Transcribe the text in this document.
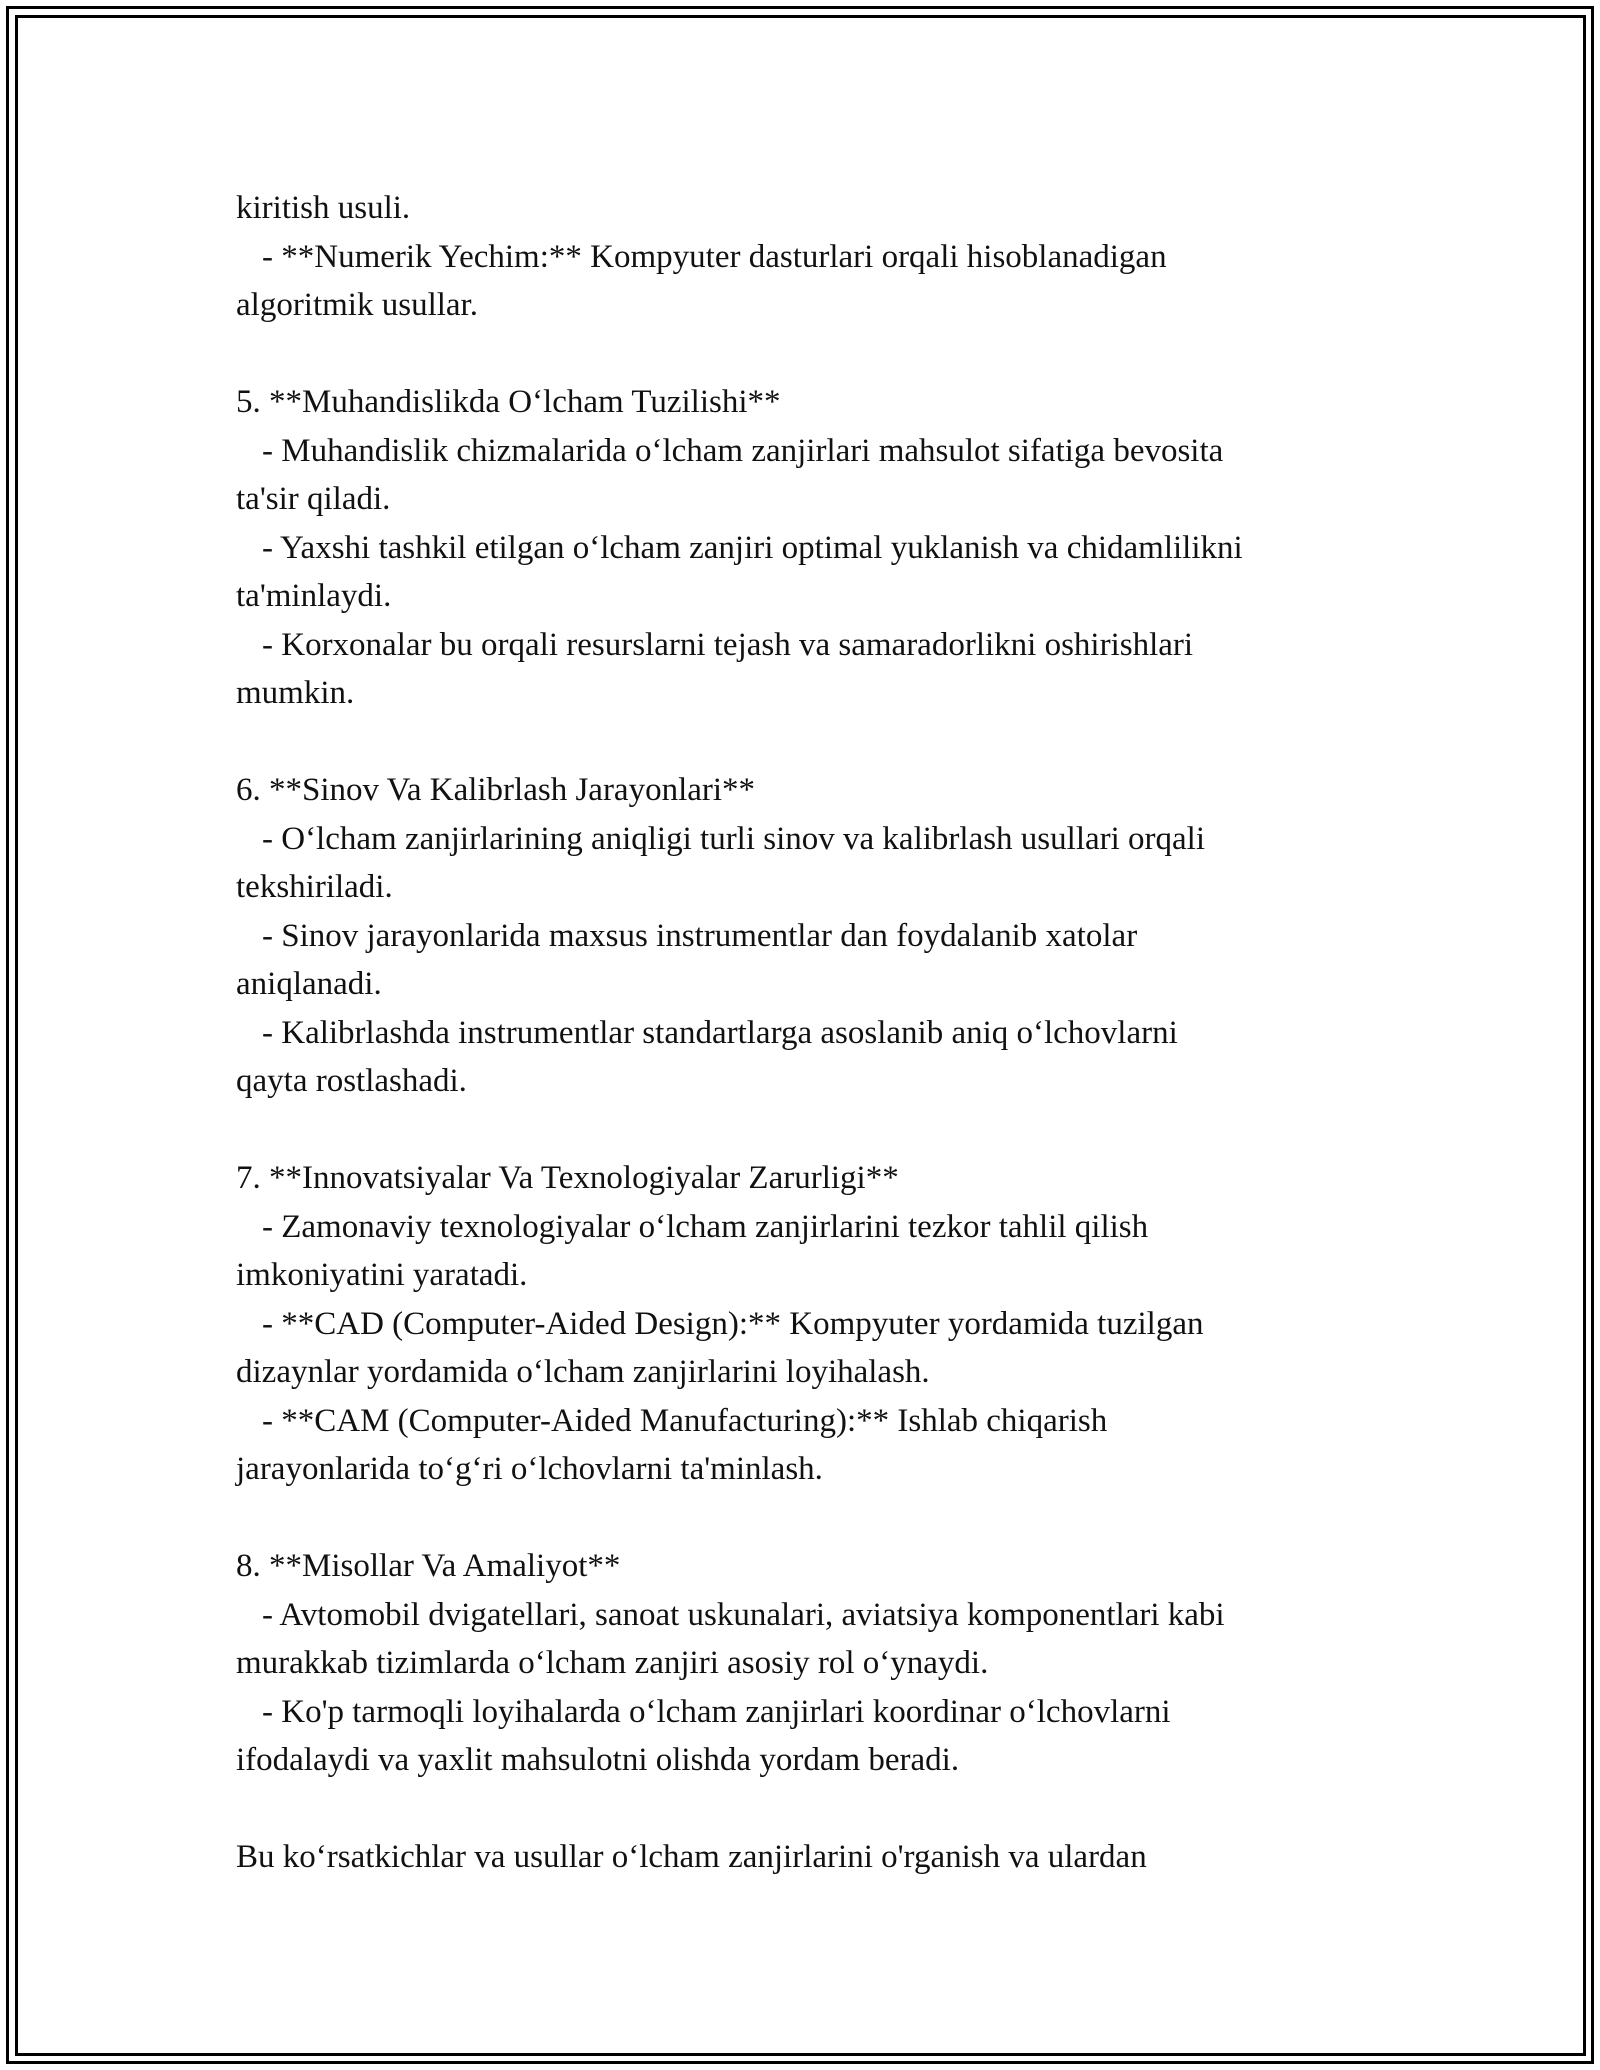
kiritish usuli.
- **Numerik Yechim:** Kompyuter dasturlari orqali hisoblanadigan
algoritmik usullar.
5. **Muhandislikda O‘lcham Tuzilishi**
- Muhandislik chizmalarida o‘lcham zanjirlari mahsulot sifatiga bevosita
ta'sir qiladi.
- Yaxshi tashkil etilgan o‘lcham zanjiri optimal yuklanish va chidamlilikni
ta'minlaydi.
- Korxonalar bu orqali resurslarni tejash va samaradorlikni oshirishlari
mumkin.
6. **Sinov Va Kalibrlash Jarayonlari**
- O‘lcham zanjirlarining aniqligi turli sinov va kalibrlash usullari orqali
tekshiriladi.
- Sinov jarayonlarida maxsus instrumentlar dan foydalanib xatolar
aniqlanadi.
- Kalibrlashda instrumentlar standartlarga asoslanib aniq o‘lchovlarni
qayta rostlashadi.
7. **Innovatsiyalar Va Texnologiyalar Zarurligi**
- Zamonaviy texnologiyalar o‘lcham zanjirlarini tezkor tahlil qilish
imkoniyatini yaratadi.
- **CAD (Computer-Aided Design):** Kompyuter yordamida tuzilgan
dizaynlar yordamida o‘lcham zanjirlarini loyihalash.
- **CAM (Computer-Aided Manufacturing):** Ishlab chiqarish
jarayonlarida to‘g‘ri o‘lchovlarni ta'minlash.
8. **Misollar Va Amaliyot**
- Avtomobil dvigatellari, sanoat uskunalari, aviatsiya komponentlari kabi
murakkab tizimlarda o‘lcham zanjiri asosiy rol o‘ynaydi.
- Ko'p tarmoqli loyihalarda o‘lcham zanjirlari koordinar o‘lchovlarni
ifodalaydi va yaxlit mahsulotni olishda yordam beradi.
Bu ko‘rsatkichlar va usullar o‘lcham zanjirlarini o'rganish va ulardan
